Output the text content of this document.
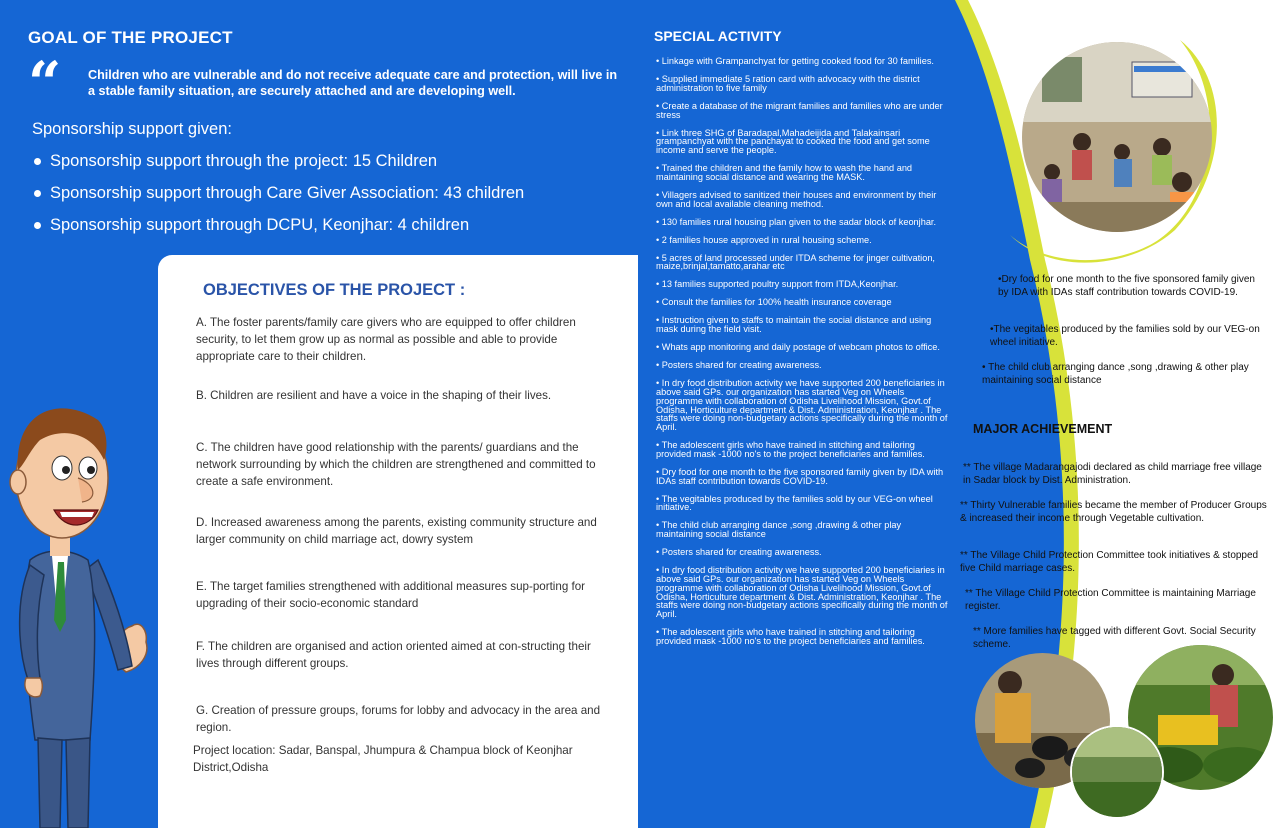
GOAL OF THE PROJECT
“ Children who are vulnerable and do not receive adequate care and protection, will live in a stable family situation, are securely attached and are developing well.
Sponsorship support given:
Sponsorship support through the project: 15 Children
Sponsorship support through Care Giver Association: 43 children
Sponsorship support through DCPU, Keonjhar: 4 children
OBJECTIVES OF THE PROJECT :
A. The foster parents/family care givers who are equipped to offer children security, to let them grow up as normal as possible and able to provide appropriate care to their children.
B. Children are resilient and have a voice in the shaping of their lives.
C. The children have good relationship with the parents/ guardians and the network surrounding by which the children are strengthened and committed to create a safe environment.
D. Increased awareness among the parents, existing community structure and larger community on child marriage act, dowry system
E. The target families strengthened with additional measures sup-porting for upgrading of their socio-economic standard
F. The children are organised and action oriented aimed at con-structing their lives through different groups.
G. Creation of pressure groups, forums for lobby and advocacy in the area and region.
Project location: Sadar, Banspal, Jhumpura & Champua block of Keonjhar District,Odisha
SPECIAL ACTIVITY
• Linkage with Grampanchyat for getting cooked food for 30 families.
• Supplied immediate 5 ration card with advocacy with the district administration to five family
• Create a database of the migrant families and families who are under stress
• Link three SHG of Baradapal,Mahadeijida and Talakainsari grampanchyat with the panchayat to cooked the food and get some income and serve the people.
• Trained the children and the family how to wash the hand and maintaining social distance and wearing the MASK.
• Villagers advised to sanitized their houses and environment by their own and local available cleaning method.
• 130 families rural housing plan given to the sadar block of keonjhar.
• 2 families house approved in rural housing scheme.
• 5 acres of land processed under ITDA scheme for jinger cultivation, maize,brinjal,tamatto,arahar etc
• 13 families supported poultry support from ITDA,Keonjhar.
• Consult the families for 100% health insurance coverage
• Instruction given to staffs to maintain the social distance and using mask during the field visit.
• Whats app monitoring and daily postage of webcam photos to office.
• Posters shared for creating awareness.
• In dry food distribution activity we have supported 200 beneficiaries in above said GPs. our organization has started Veg on Wheels programme with collaboration of Odisha Livelihood Mission, Govt.of Odisha, Horticulture department & Dist. Administration, Keonjhar . The staffs were doing non-budgetary actions specifically during the month of April.
• The adolescent girls who have trained in stitching and tailoring provided mask -1000 no's to the project beneficiaries and families.
• Dry food for one month to the five sponsored family given by IDA with IDAs staff contribution towards COVID-19.
• The vegitables produced by the families sold by our VEG-on wheel initiative.
• The child club arranging dance ,song ,drawing & other play maintaining social distance
• Posters shared for creating awareness.
• In dry food distribution activity we have supported 200 beneficiaries in above said GPs. our organization has started Veg on Wheels programme with collaboration of Odisha Livelihood Mission, Govt.of Odisha, Horticulture department & Dist. Administration, Keonjhar . The staffs were doing non-budgetary actions specifically during the month of April.
• The adolescent girls who have trained in stitching and tailoring provided mask -1000 no's to the project beneficiaries and families.
•Dry food for one month to the five sponsored family given by IDA with IDAs staff contribution towards COVID-19.
•The vegitables produced by the families sold by our VEG-on wheel initiative.
• The child club arranging dance ,song ,drawing & other play maintaining social distance
MAJOR ACHIEVEMENT
** The village Madarangajodi declared as child marriage free village in Sadar block by Dist. Administration.
** Thirty Vulnerable families became the member of Producer Groups & increased their income through Vegetable cultivation.
** The Village Child Protection Committee took initiatives & stopped five Child marriage cases.
** The Village Child Protection Committee is maintaining Marriage register.
** More families have tagged with different Govt. Social Security scheme.
